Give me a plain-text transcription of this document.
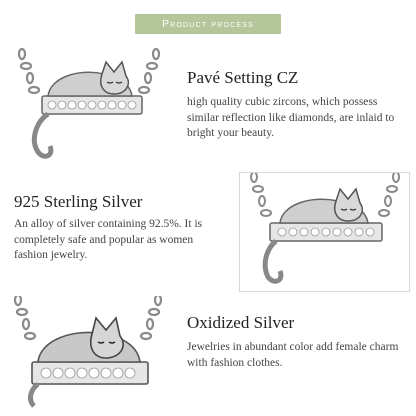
Product process
Pavé Setting CZ
high quality cubic zircons, which possess similar reflection like diamonds, are inlaid to bright your beauty.
925 Sterling Silver
An alloy of silver containing 92.5%. It is completely safe and popular as women fashion jewelry.
Oxidized Silver
Jewelries in abundant color add female charm with fashion clothes.
